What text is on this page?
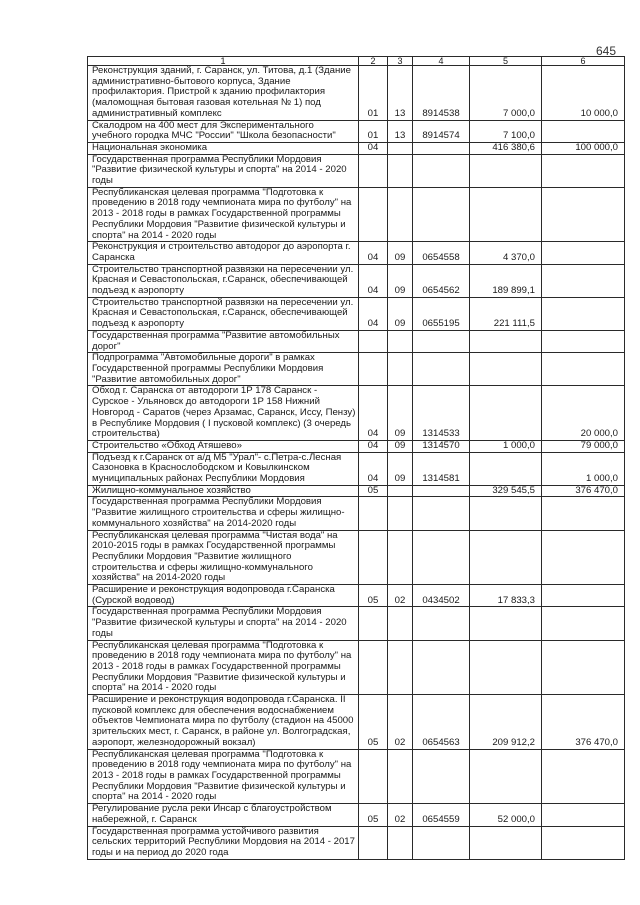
645
1	2	3	4	5	6
Реконструкция зданий, г. Саранск, ул. Титова, д.1 (Здание административно-бытового корпуса, Здание профилактория. Пристрой к зданию профилактория (маломощная бытовая газовая котельная № 1) под административный комплекс	01	13	8914538	7 000,0	10 000,0
Скалодром на 400 мест для Экспериментального учебного городка МЧС "России" "Школа безопасности"	01	13	8914574	7 100,0	
Национальная экономика	04			416 380,6	100 000,0
Государственная программа Республики Мордовия "Развитие физической культуры и спорта" на 2014 - 2020 годы					
Республиканская целевая программа "Подготовка к проведению в 2018 году чемпионата мира по футболу" на 2013 - 2018 годы в рамках Государственной программы Республики Мордовия "Развитие физической культуры и спорта" на 2014 - 2020 годы					
Реконструкция и строительство автодорог до аэропорта г. Саранска	04	09	0654558	4 370,0	
Строительство транспортной развязки на пересечении ул. Красная и Севастопольская, г.Саранск, обеспечивающей подъезд к аэропорту	04	09	0654562	189 899,1	
Строительство транспортной развязки на пересечении ул. Красная и Севастопольская, г.Саранск, обеспечивающей подъезд к аэропорту	04	09	0655195	221 111,5	
Государственная программа "Развитие автомобильных дорог"					
Подпрограмма "Автомобильные дороги" в рамках Государственной программы Республики Мордовия "Развитие автомобильных дорог"					
Обход г. Саранска от автодороги 1Р 178 Саранск - Сурское - Ульяновск до автодороги 1Р 158 Нижний Новгород - Саратов (через Арзамас, Саранск, Иссу, Пензу) в Республике Мордовия ( I пусковой комплекс) (3 очередь строительства)	04	09	1314533		20 000,0
Строительство «Обход Атяшево»	04	09	1314570	1 000,0	79 000,0
Подъезд к г.Саранск от а/д М5 "Урал"- с.Петра-с.Лесная Сазоновка в Краснослободском и Ковылкинском муниципальных районах Республики Мордовия	04	09	1314581		1 000,0
Жилищно-коммунальное хозяйство	05			329 545,5	376 470,0
Государственная программа Республики Мордовия "Развитие жилищного строительства и сферы жилищно-коммунального хозяйства" на 2014-2020 годы					
Республиканская целевая программа "Чистая вода" на 2010-2015 годы в рамках Государственной программы Республики Мордовия "Развитие жилищного строительства и сферы жилищно-коммунального хозяйства" на 2014-2020 годы					
Расширение и реконструкция водопровода г.Саранска (Сурской водовод)	05	02	0434502	17 833,3	
Государственная программа Республики Мордовия "Развитие физической культуры и спорта" на 2014 - 2020 годы					
Республиканская целевая программа "Подготовка к проведению в 2018 году чемпионата мира по футболу" на 2013 - 2018 годы в рамках Государственной программы Республики Мордовия "Развитие физической культуры и спорта" на 2014 - 2020 годы					
Расширение и реконструкция водопровода г.Саранска. II пусковой комплекс для обеспечения водоснабжением объектов Чемпионата мира по футболу (стадион на 45000 зрительских мест, г. Саранск, в районе ул. Волгоградская, аэропорт, железнодорожный вокзал)	05	02	0654563	209 912,2	376 470,0
Республиканская целевая программа "Подготовка к проведению в 2018 году чемпионата мира по футболу" на 2013 - 2018 годы в рамках Государственной программы Республики Мордовия "Развитие физической культуры и спорта" на 2014 - 2020 годы					
Регулирование русла реки Инсар с благоустройством набережной, г. Саранск	05	02	0654559	52 000,0	
Государственная программа устойчивого развития сельских территорий Республики Мордовия на 2014 - 2017 годы и на период до 2020 года					
